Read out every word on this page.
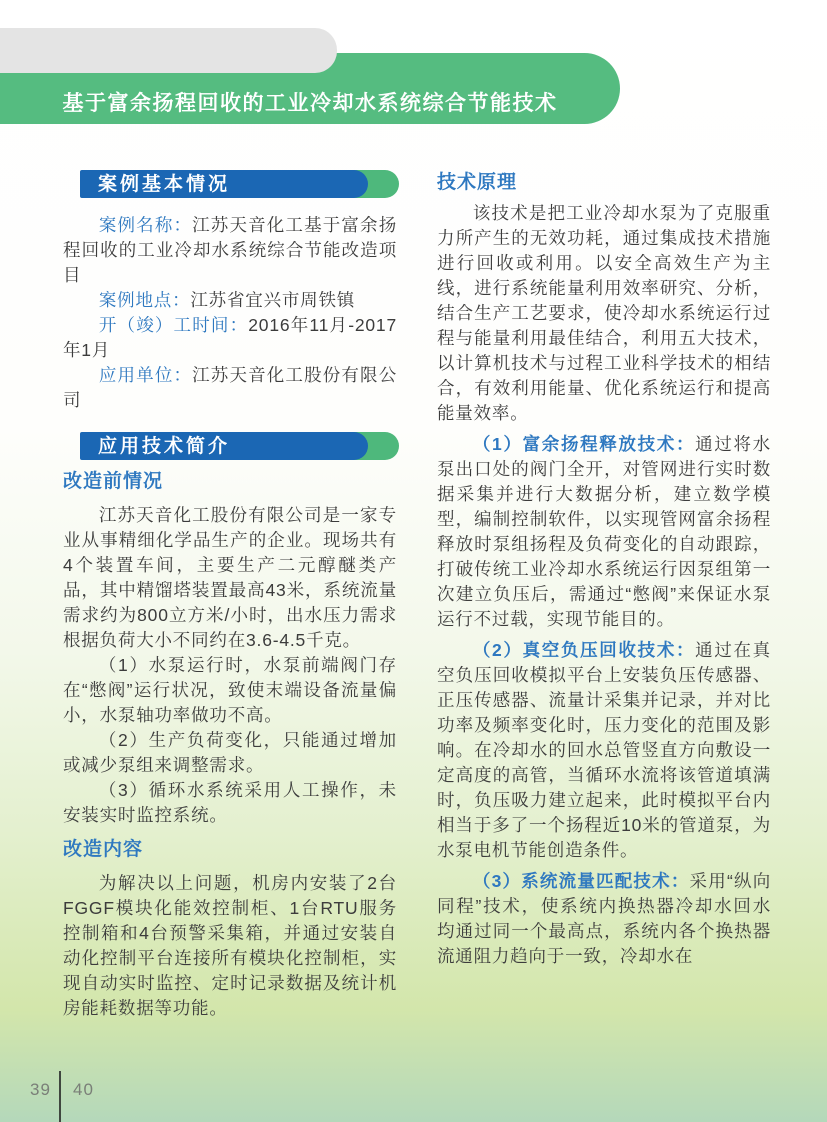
基于富余扬程回收的工业冷却水系统综合节能技术
案例基本情况

案例名称：江苏天音化工基于富余扬程回收的工业冷却水系统综合节能改造项目

案例地点：江苏省宜兴市周铁镇

开（竣）工时间：2016年11月-2017年1月

应用单位：江苏天音化工股份有限公司

应用技术简介
改造前情况

江苏天音化工股份有限公司是一家专业从事精细化学品生产的企业。现场共有4个装置车间，主要生产二元醇醚类产品，其中精馏塔装置最高43米，系统流量需求约为800立方米/小时，出水压力需求根据负荷大小不同约在3.6-4.5千克。

（1）水泵运行时，水泵前端阀门存在“憋阀”运行状况，致使末端设备流量偏小，水泵轴功率做功不高。

（2）生产负荷变化，只能通过增加或减少泵组来调整需求。

（3）循环水系统采用人工操作，未安装实时监控系统。

改造内容

为解决以上问题，机房内安装了2台FGGF模块化能效控制柜、1台RTU服务控制箱和4台预警采集箱，并通过安装自动化控制平台连接所有模块化控制柜，实现自动实时监控、定时记录数据及统计机房能耗数据等功能。

技术原理

该技术是把工业冷却水泵为了克服重力所产生的无效功耗，通过集成技术措施进行回收或利用。以安全高效生产为主线，进行系统能量利用效率研究、分析，结合生产工艺要求，使冷却水系统运行过程与能量利用最佳结合，利用五大技术，以计算机技术与过程工业科学技术的相结合，有效利用能量、优化系统运行和提高能量效率。

（1）富余扬程释放技术：通过将水泵出口处的阀门全开，对管网进行实时数据采集并进行大数据分析，建立数学模型，编制控制软件，以实现管网富余扬程释放时泵组扬程及负荷变化的自动跟踪，打破传统工业冷却水系统运行因泵组第一次建立负压后，需通过“憋阀”来保证水泵运行不过载，实现节能目的。

（2）真空负压回收技术：通过在真空负压回收模拟平台上安装负压传感器、正压传感器、流量计采集并记录，并对比功率及频率变化时，压力变化的范围及影响。在冷却水的回水总管竖直方向敷设一定高度的高管，当循环水流将该管道填满时，负压吸力建立起来，此时模拟平台内相当于多了一个扬程近10米的管道泵，为水泵电机节能创造条件。

（3）系统流量匹配技术：采用“纵向同程”技术，使系统内换热器冷却水回水均通过同一个最高点，系统内各个换热器流通阻力趋向于一致，冷却水在

39 40
